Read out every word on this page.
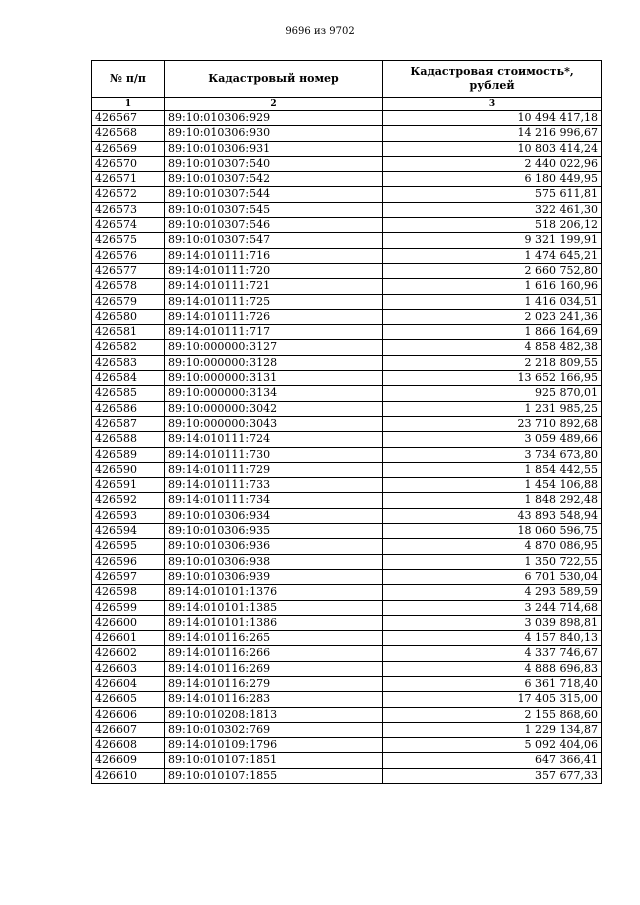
9696 из 9702
№ п/п	Кадастровый номер	Кадастровая стоимость*,
рублей
1	2	3
426567	89:10:010306:929	10 494 417,18
426568	89:10:010306:930	14 216 996,67
426569	89:10:010306:931	10 803 414,24
426570	89:10:010307:540	2 440 022,96
426571	89:10:010307:542	6 180 449,95
426572	89:10:010307:544	575 611,81
426573	89:10:010307:545	322 461,30
426574	89:10:010307:546	518 206,12
426575	89:10:010307:547	9 321 199,91
426576	89:14:010111:716	1 474 645,21
426577	89:14:010111:720	2 660 752,80
426578	89:14:010111:721	1 616 160,96
426579	89:14:010111:725	1 416 034,51
426580	89:14:010111:726	2 023 241,36
426581	89:14:010111:717	1 866 164,69
426582	89:10:000000:3127	4 858 482,38
426583	89:10:000000:3128	2 218 809,55
426584	89:10:000000:3131	13 652 166,95
426585	89:10:000000:3134	925 870,01
426586	89:10:000000:3042	1 231 985,25
426587	89:10:000000:3043	23 710 892,68
426588	89:14:010111:724	3 059 489,66
426589	89:14:010111:730	3 734 673,80
426590	89:14:010111:729	1 854 442,55
426591	89:14:010111:733	1 454 106,88
426592	89:14:010111:734	1 848 292,48
426593	89:10:010306:934	43 893 548,94
426594	89:10:010306:935	18 060 596,75
426595	89:10:010306:936	4 870 086,95
426596	89:10:010306:938	1 350 722,55
426597	89:10:010306:939	6 701 530,04
426598	89:14:010101:1376	4 293 589,59
426599	89:14:010101:1385	3 244 714,68
426600	89:14:010101:1386	3 039 898,81
426601	89:14:010116:265	4 157 840,13
426602	89:14:010116:266	4 337 746,67
426603	89:14:010116:269	4 888 696,83
426604	89:14:010116:279	6 361 718,40
426605	89:14:010116:283	17 405 315,00
426606	89:10:010208:1813	2 155 868,60
426607	89:10:010302:769	1 229 134,87
426608	89:14:010109:1796	5 092 404,06
426609	89:10:010107:1851	647 366,41
426610	89:10:010107:1855	357 677,33
